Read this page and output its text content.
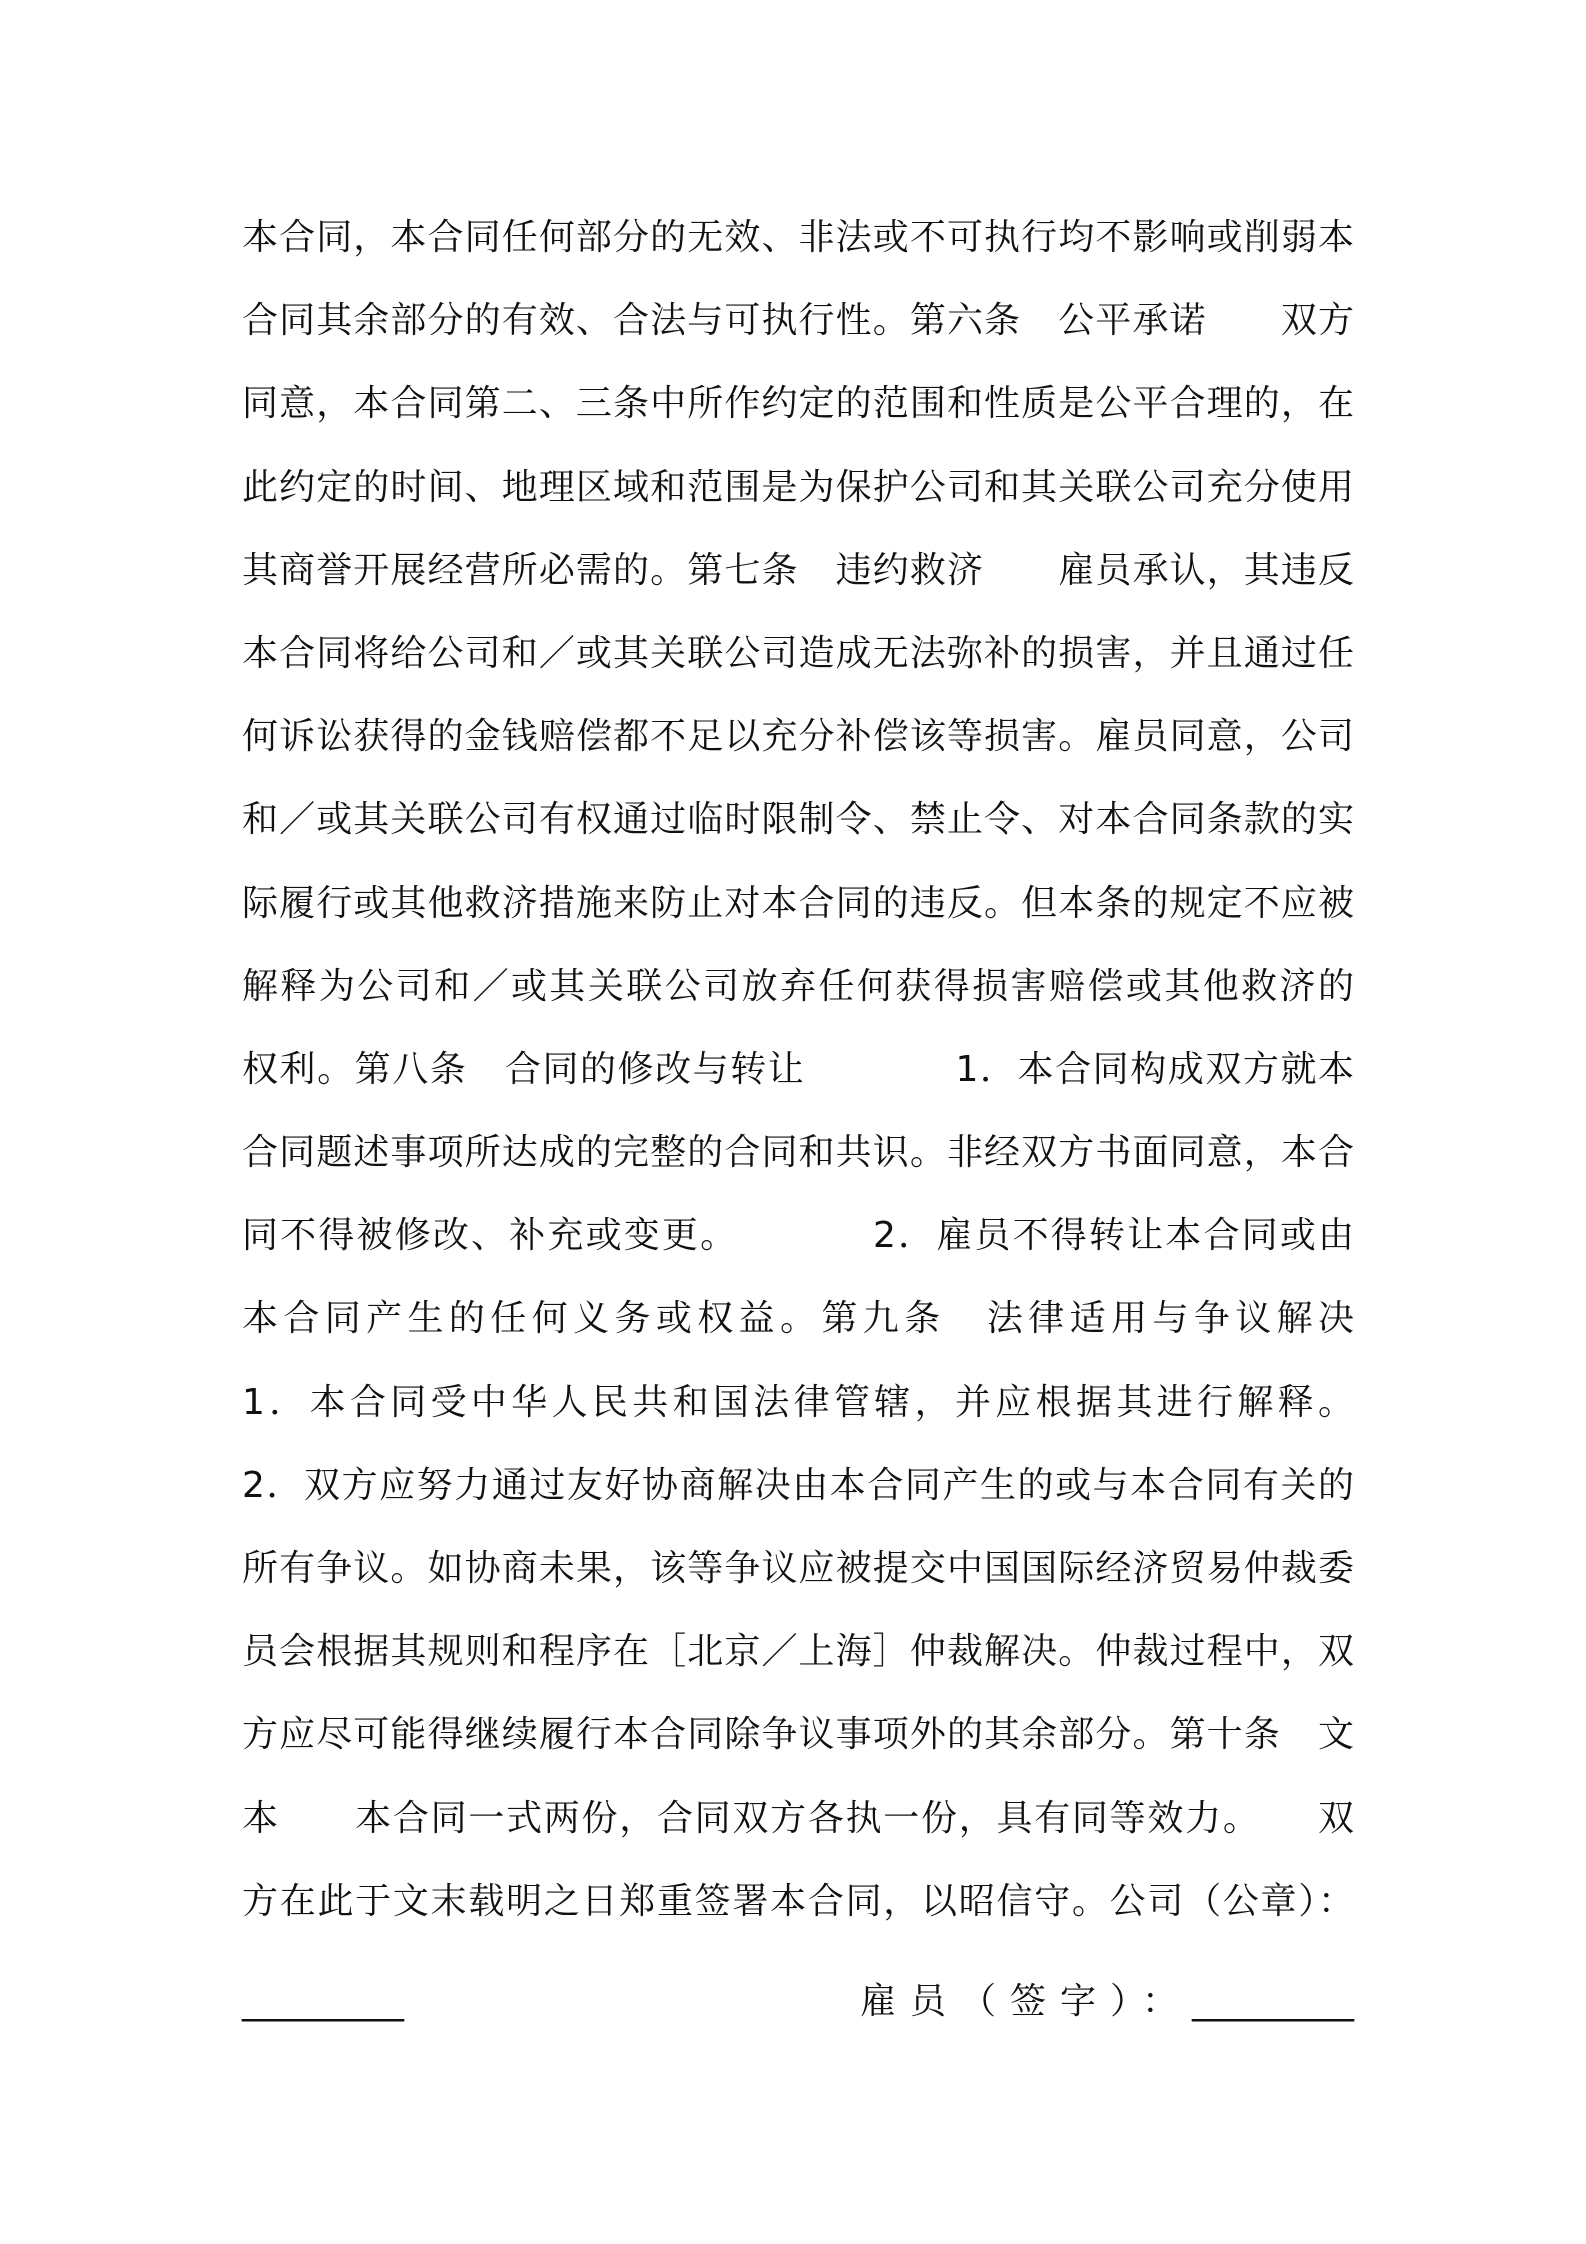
本合同，本合同任何部分的无效、非法或不可执行均不影响或削弱本
合同其余部分的有效、合法与可执行性。第六条　公平承诺　　双方
同意，本合同第二、三条中所作约定的范围和性质是公平合理的，在
此约定的时间、地理区域和范围是为保护公司和其关联公司充分使用
其商誉开展经营所必需的。第七条　违约救济　　雇员承认，其违反
本合同将给公司和／或其关联公司造成无法弥补的损害，并且通过任
何诉讼获得的金钱赔偿都不足以充分补偿该等损害。雇员同意，公司
和／或其关联公司有权通过临时限制令、禁止令、对本合同条款的实
际履行或其他救济措施来防止对本合同的违反。但本条的规定不应被
解释为公司和／或其关联公司放弃任何获得损害赔偿或其他救济的
权利。第八条　合同的修改与转让　　　　1．本合同构成双方就本
合同题述事项所达成的完整的合同和共识。非经双方书面同意，本合
同不得被修改、补充或变更。　　　　2．雇员不得转让本合同或由
本合同产生的任何义务或权益。第九条　法律适用与争议解决
1．本合同受中华人民共和国法律管辖，并应根据其进行解释。
2．双方应努力通过友好协商解决由本合同产生的或与本合同有关的
所有争议。如协商未果，该等争议应被提交中国国际经济贸易仲裁委
员会根据其规则和程序在［北京／上海］仲裁解决。仲裁过程中，双
方应尽可能得继续履行本合同除争议事项外的其余部分。第十条　文
本　　本合同一式两份，合同双方各执一份，具有同等效力。　　双
方在此于文末载明之日郑重签署本合同，以昭信守。公司（公章）：
_________	雇员（签字）：_________
